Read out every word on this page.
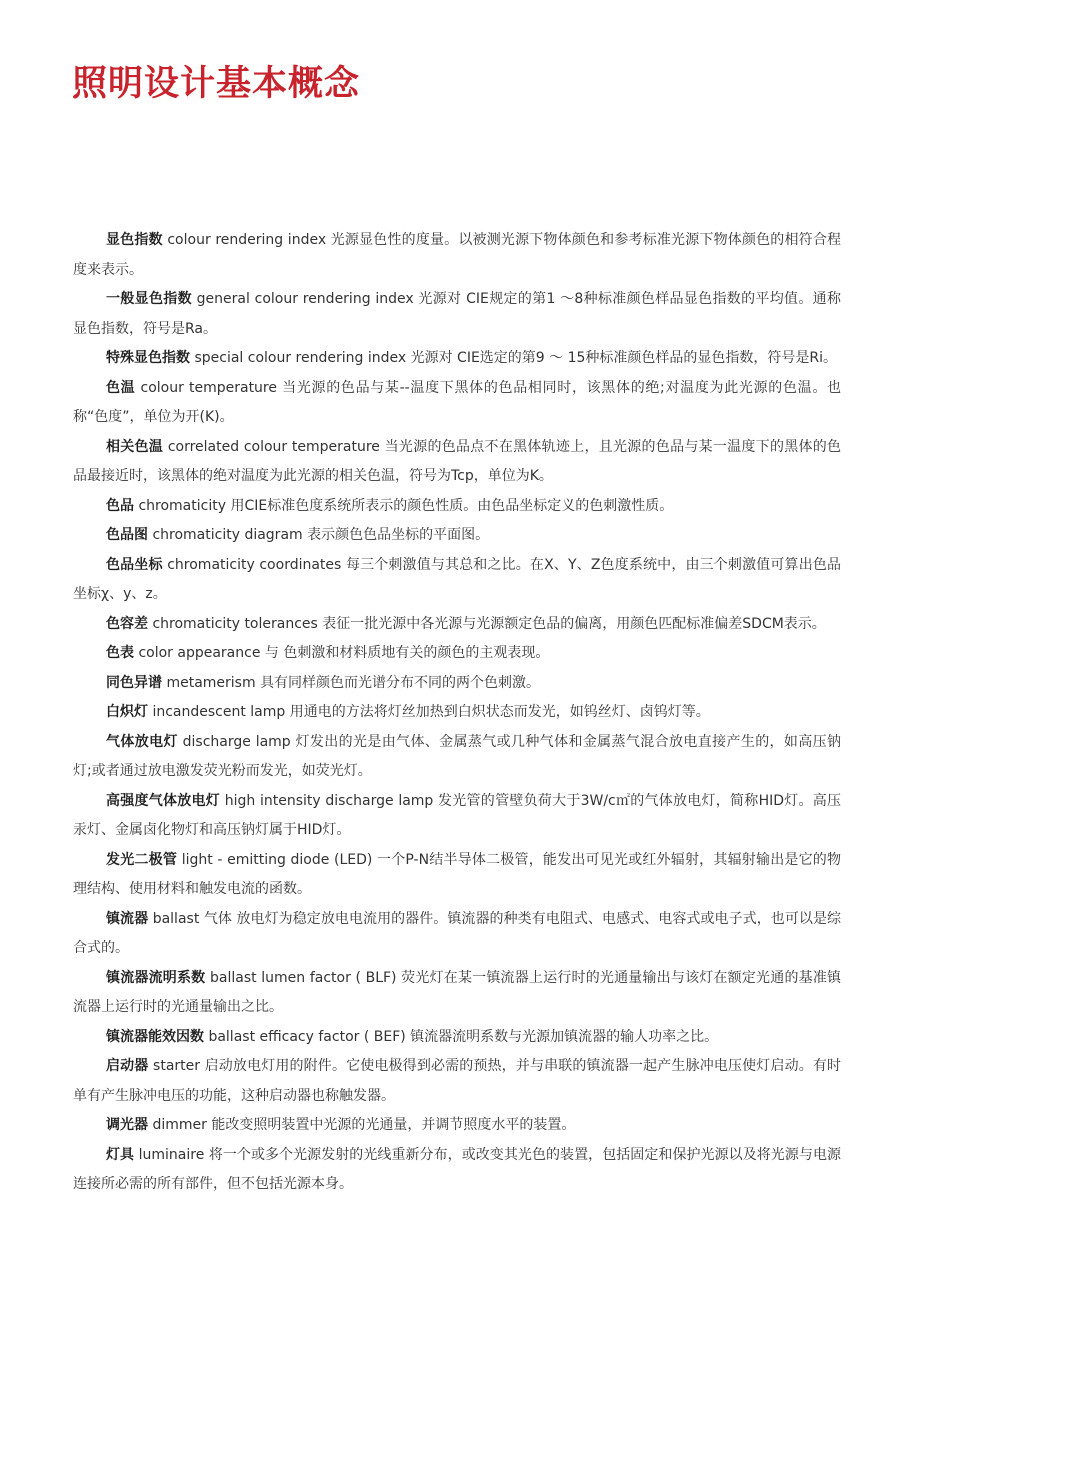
照明设计基本概念

显色指数 colour rendering index 光源显色性的度量。以被测光源下物体颜色和参考标准光源下物体颜色的相符合程度来表示。

一般显色指数 general colour rendering index 光源对 CIE规定的第1 ～8种标准颜色样品显色指数的平均值。通称显色指数，符号是Ra。

特殊显色指数 special colour rendering index 光源对 CIE选定的第9 ～ 15种标准颜色样品的显色指数，符号是Ri。

色温 colour temperature 当光源的色品与某--温度下黑体的色品相同时，该黑体的绝;对温度为此光源的色温。也称“色度”，单位为开(K)。

相关色温 correlated colour temperature 当光源的色品点不在黑体轨迹上，且光源的色品与某一温度下的黑体的色品最接近时，该黑体的绝对温度为此光源的相关色温，符号为Tcp，单位为K。

色品 chromaticity 用CIE标准色度系统所表示的颜色性质。由色品坐标定义的色刺激性质。

色品图 chromaticity diagram 表示颜色色品坐标的平面图。

色品坐标 chromaticity coordinates 每三个刺激值与其总和之比。在X、Y、Z色度系统中，由三个刺激值可算出色品坐标χ、y、z。

色容差 chromaticity tolerances 表征一批光源中各光源与光源额定色品的偏离，用颜色匹配标准偏差SDCM表示。

色表 color appearance 与 色刺激和材料质地有关的颜色的主观表现。

同色异谱 metamerism 具有同样颜色而光谱分布不同的两个色刺激。

白炽灯 incandescent lamp 用通电的方法将灯丝加热到白炽状态而发光，如钨丝灯、卤钨灯等。

气体放电灯 discharge lamp 灯发出的光是由气体、金属蒸气或几种气体和金属蒸气混合放电直接产生的，如高压钠灯;或者通过放电激发荧光粉而发光，如荧光灯。

高强度气体放电灯 high intensity discharge lamp 发光管的管壁负荷大于3W/c㎡的气体放电灯，简称HID灯。高压汞灯、金属卤化物灯和高压钠灯属于HID灯。

发光二极管 light - emitting diode (LED) 一个P-N结半导体二极管，能发出可见光或红外辐射，其辐射输出是它的物理结构、使用材料和触发电流的函数。

镇流器 ballast 气体 放电灯为稳定放电电流用的器件。镇流器的种类有电阻式、电感式、电容式或电子式，也可以是综合式的。

镇流器流明系数 ballast lumen factor ( BLF) 荧光灯在某一镇流器上运行时的光通量输出与该灯在额定光通的基准镇流器上运行时的光通量输出之比。

镇流器能效因数 ballast efficacy factor ( BEF) 镇流器流明系数与光源加镇流器的输人功率之比。

启动器 starter 启动放电灯用的附件。它使电极得到必需的预热，并与串联的镇流器一起产生脉冲电压使灯启动。有时单有产生脉冲电压的功能，这种启动器也称触发器。

调光器 dimmer 能改变照明装置中光源的光通量，并调节照度水平的装置。

灯具 luminaire 将一个或多个光源发射的光线重新分布，或改变其光色的装置，包括固定和保护光源以及将光源与电源连接所必需的所有部件，但不包括光源本身。
